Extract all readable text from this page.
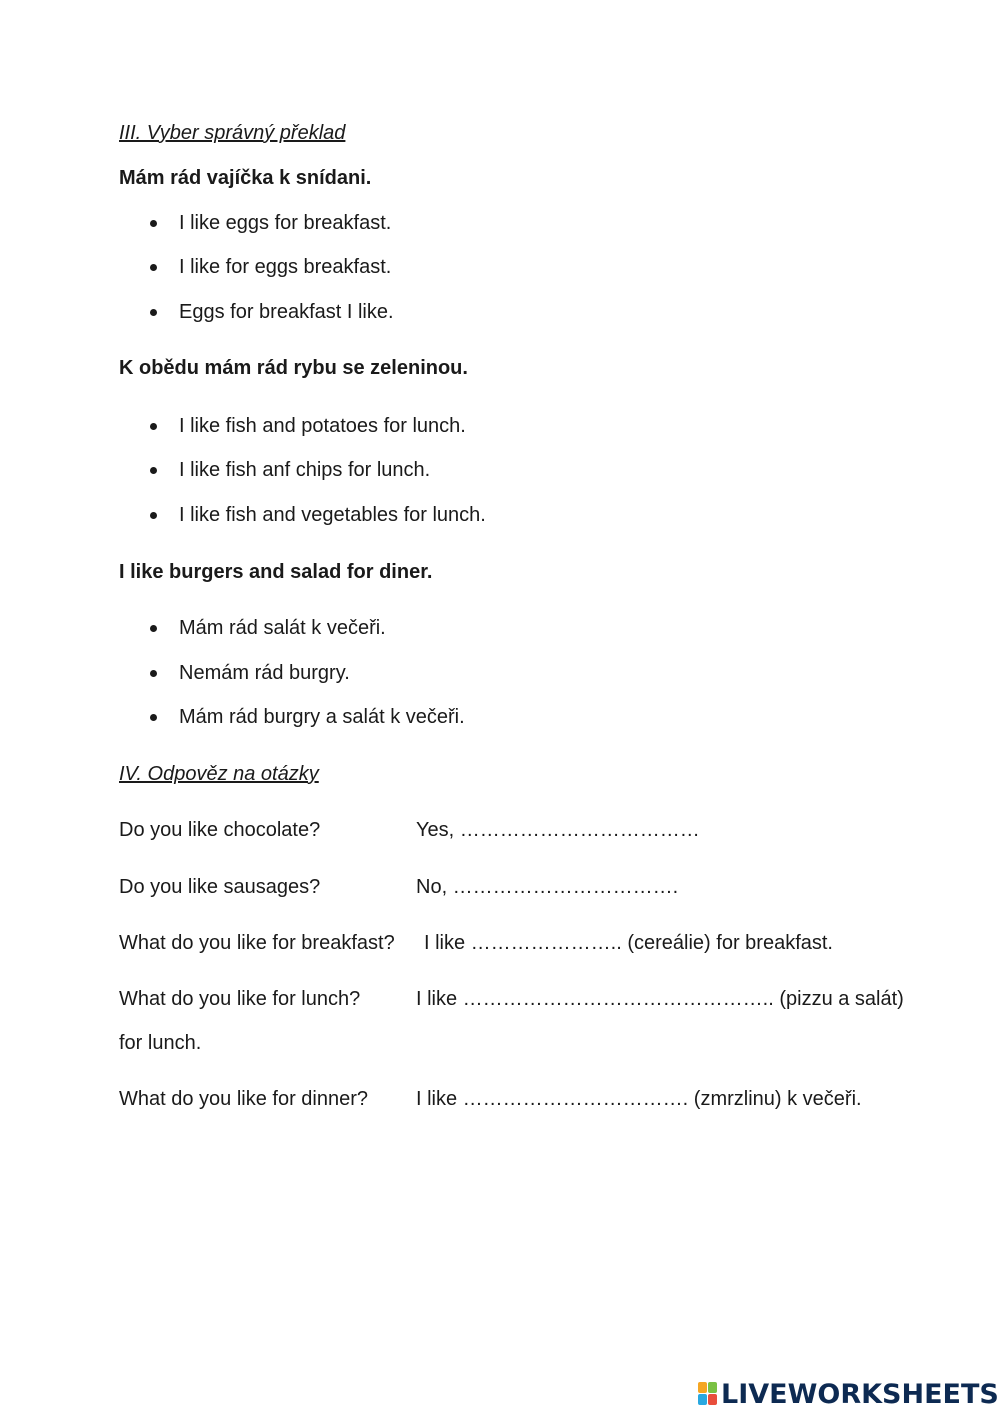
III. Vyber správný překlad
Mám rád vajíčka k snídani.
I like eggs for breakfast.
I like for eggs breakfast.
Eggs for breakfast I like.
K obědu mám rád rybu se zeleninou.
I like fish and potatoes for lunch.
I like fish anf chips for lunch.
I like fish and vegetables for lunch.
I like burgers and salad for diner.
Mám rád salát k večeři.
Nemám rád burgry.
Mám rád burgry a salát k večeři.
IV. Odpověz na otázky
Do you like chocolate?	Yes, ………………………………
Do you like sausages?	No, …………………………….
What do you like for breakfast? I like ………………….. (cereálie) for breakfast.
What do you like for lunch?	I like ……………………………………….. (pizzu a salát)
for lunch.
What do you like for dinner? I like ……………………………. (zmrzlinu) k večeři.
LIVEWORKSHEETS
